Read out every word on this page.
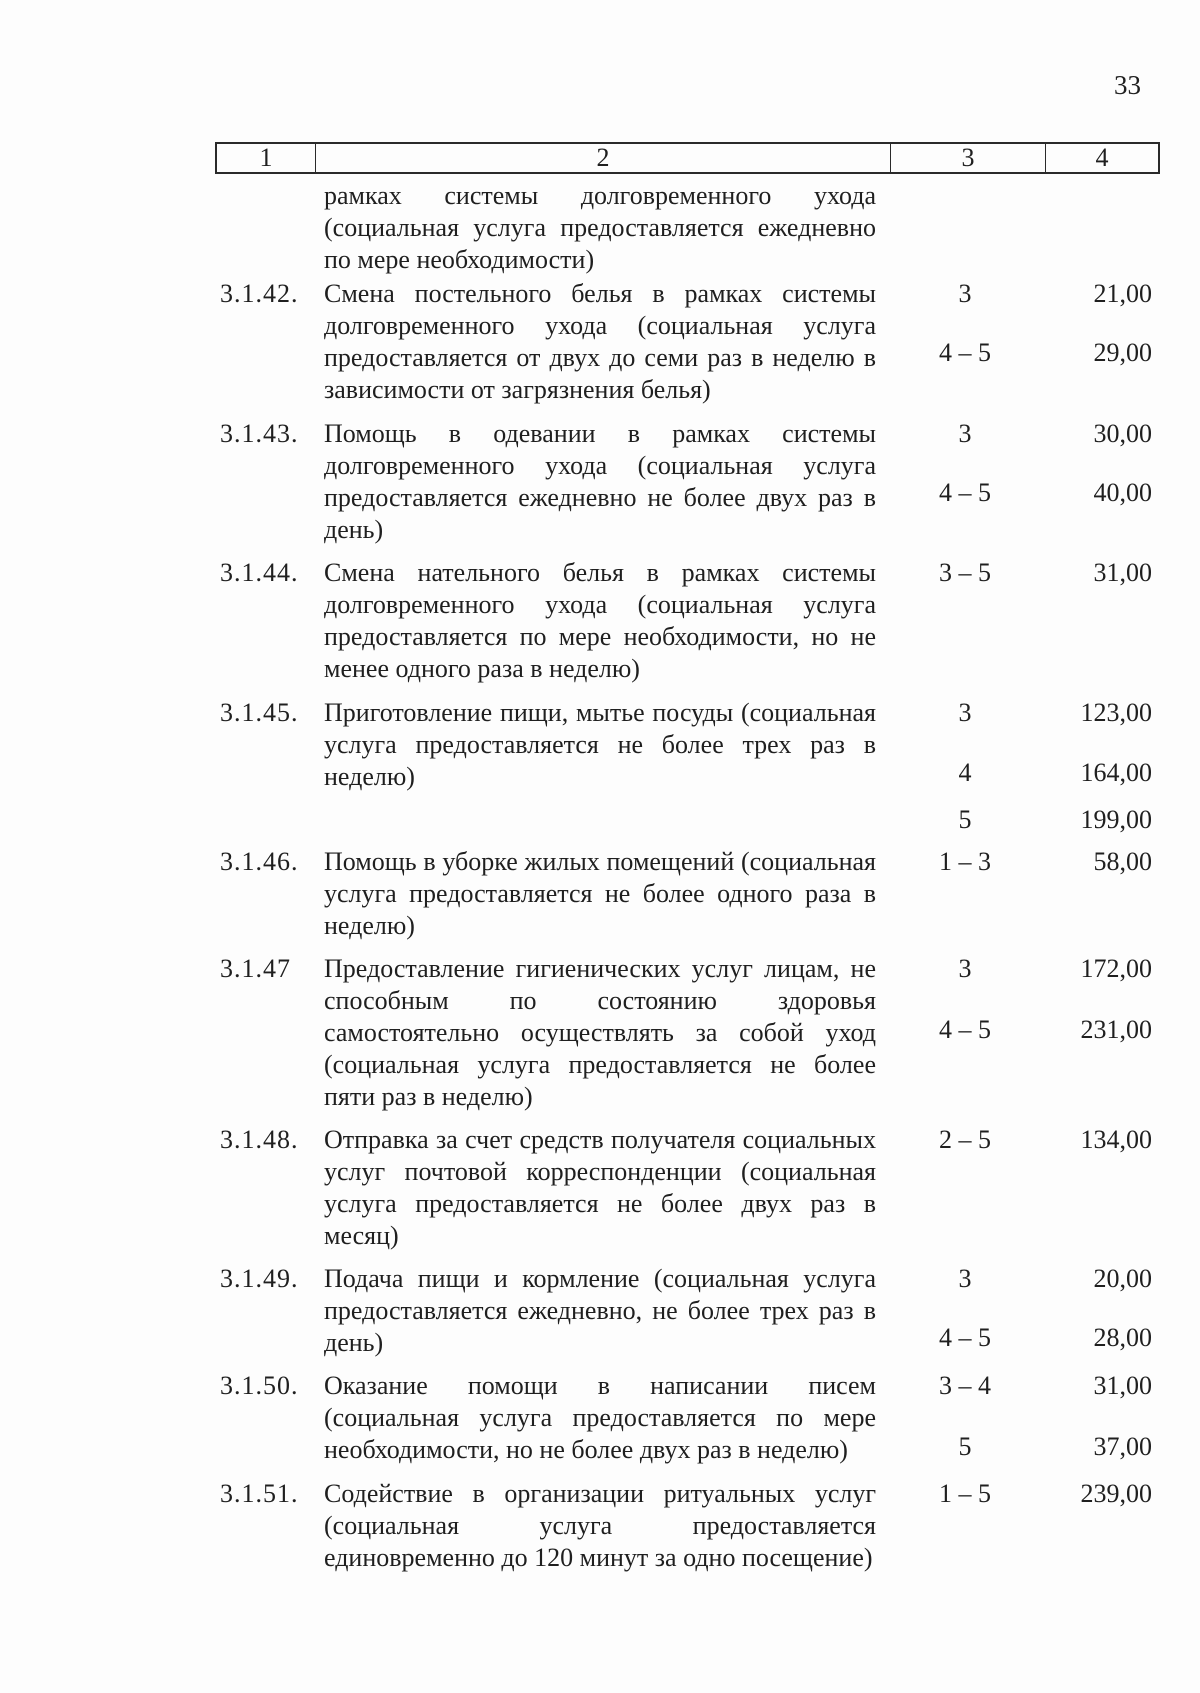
33
1	2	3	4
рамках системы долговременного ухода (социальная услуга предоставляется ежедневно по мере необходимости)
3.1.42. Смена постельного белья в рамках системы долговременного ухода (социальная услуга предоставляется от двух до семи раз в неделю в зависимости от загрязнения белья)
3	21,00
4 – 5	29,00
3.1.43. Помощь в одевании в рамках системы долговременного ухода (социальная услуга предоставляется ежедневно не более двух раз в день)
3	30,00
4 – 5	40,00
3.1.44. Смена нательного белья в рамках системы долговременного ухода (социальная услуга предоставляется по мере необходимости, но не менее одного раза в неделю)
3 – 5	31,00
3.1.45. Приготовление пищи, мытье посуды (социальная услуга предоставляется не более трех раз в неделю)
3	123,00
4	164,00
5	199,00
3.1.46. Помощь в уборке жилых помещений (социальная услуга предоставляется не более одного раза в неделю)
1 – 3	58,00
3.1.47 Предоставление гигиенических услуг лицам, не способным по состоянию здоровья самостоятельно осуществлять за собой уход (социальная услуга предоставляется не более пяти раз в неделю)
3	172,00
4 – 5	231,00
3.1.48. Отправка за счет средств получателя социальных услуг почтовой корреспонденции (социальная услуга предоставляется не более двух раз в месяц)
2 – 5	134,00
3.1.49. Подача пищи и кормление (социальная услуга предоставляется ежедневно, не более трех раз в день)
3	20,00
4 – 5	28,00
3.1.50. Оказание помощи в написании писем (социальная услуга предоставляется по мере необходимости, но не более двух раз в неделю)
3 – 4	31,00
5	37,00
3.1.51. Содействие в организации ритуальных услуг (социальная услуга предоставляется единовременно до 120 минут за одно посещение)
1 – 5	239,00
